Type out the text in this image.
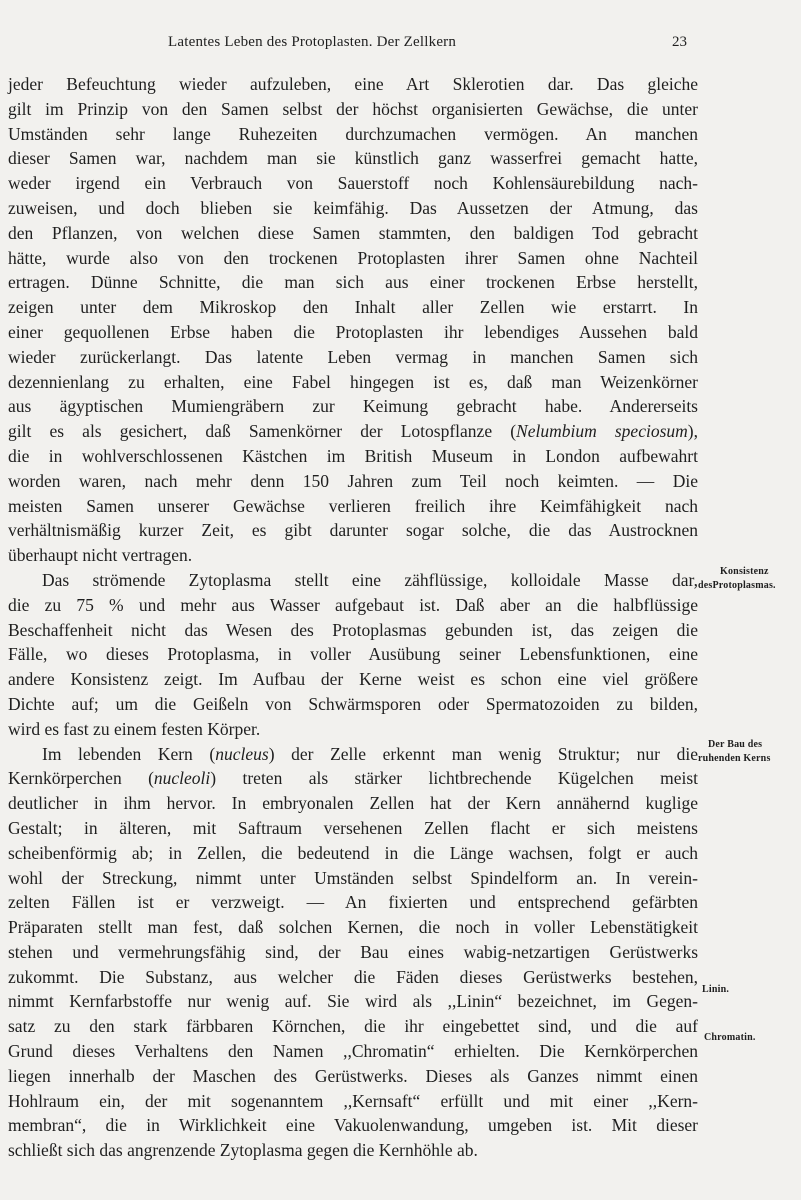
Latentes Leben des Protoplasten. Der Zellkern	23
jeder Befeuchtung wieder aufzuleben, eine Art Sklerotien dar. Das gleiche
gilt im Prinzip von den Samen selbst der höchst organisierten Gewächse, die unter
Umständen sehr lange Ruhezeiten durchzumachen vermögen. An manchen
dieser Samen war, nachdem man sie künstlich ganz wasserfrei gemacht hatte,
weder irgend ein Verbrauch von Sauerstoff noch Kohlensäurebildung nach-
zuweisen, und doch blieben sie keimfähig. Das Aussetzen der Atmung, das
den Pflanzen, von welchen diese Samen stammten, den baldigen Tod gebracht
hätte, wurde also von den trockenen Protoplasten ihrer Samen ohne Nachteil
ertragen. Dünne Schnitte, die man sich aus einer trockenen Erbse herstellt,
zeigen unter dem Mikroskop den Inhalt aller Zellen wie erstarrt. In
einer gequollenen Erbse haben die Protoplasten ihr lebendiges Aussehen bald
wieder zurückerlangt. Das latente Leben vermag in manchen Samen sich
dezennienlang zu erhalten, eine Fabel hingegen ist es, daß man Weizenkörner
aus ägyptischen Mumiengräbern zur Keimung gebracht habe. Andererseits
gilt es als gesichert, daß Samenkörner der Lotospflanze (Nelumbium speciosum),
die in wohlverschlossenen Kästchen im British Museum in London aufbewahrt
worden waren, nach mehr denn 150 Jahren zum Teil noch keimten. — Die
meisten Samen unserer Gewächse verlieren freilich ihre Keimfähigkeit nach
verhältnismäßig kurzer Zeit, es gibt darunter sogar solche, die das Austrocknen
überhaupt nicht vertragen.
Das strömende Zytoplasma stellt eine zähflüssige, kolloidale Masse dar,
die zu 75 % und mehr aus Wasser aufgebaut ist. Daß aber an die halbflüssige
Beschaffenheit nicht das Wesen des Protoplasmas gebunden ist, das zeigen die
Fälle, wo dieses Protoplasma, in voller Ausübung seiner Lebensfunktionen, eine
andere Konsistenz zeigt. Im Aufbau der Kerne weist es schon eine viel größere
Dichte auf; um die Geißeln von Schwärmsporen oder Spermatozoiden zu bilden,
wird es fast zu einem festen Körper.
Im lebenden Kern (nucleus) der Zelle erkennt man wenig Struktur; nur die
Kernkörperchen (nucleoli) treten als stärker lichtbrechende Kügelchen meist
deutlicher in ihm hervor. In embryonalen Zellen hat der Kern annähernd kuglige
Gestalt; in älteren, mit Saftraum versehenen Zellen flacht er sich meistens
scheibenförmig ab; in Zellen, die bedeutend in die Länge wachsen, folgt er auch
wohl der Streckung, nimmt unter Umständen selbst Spindelform an. In verein-
zelten Fällen ist er verzweigt. — An fixierten und entsprechend gefärbten
Präparaten stellt man fest, daß solchen Kernen, die noch in voller Lebenstätigkeit
stehen und vermehrungsfähig sind, der Bau eines wabig-netzartigen Gerüstwerks
zukommt. Die Substanz, aus welcher die Fäden dieses Gerüstwerks bestehen,
nimmt Kernfarbstoffe nur wenig auf. Sie wird als ,,Linin“ bezeichnet, im Gegen-
satz zu den stark färbbaren Körnchen, die ihr eingebettet sind, und die auf
Grund dieses Verhaltens den Namen ,,Chromatin“ erhielten. Die Kernkörperchen
liegen innerhalb der Maschen des Gerüstwerks. Dieses als Ganzes nimmt einen
Hohlraum ein, der mit sogenanntem ,,Kernsaft“ erfüllt und mit einer ,,Kern-
membran“, die in Wirklichkeit eine Vakuolenwandung, umgeben ist. Mit dieser
schließt sich das angrenzende Zytoplasma gegen die Kernhöhle ab.
Konsistenz
desProtoplasmas.
Der Bau des
ruhenden Kerns
Linin.
Chromatin.
